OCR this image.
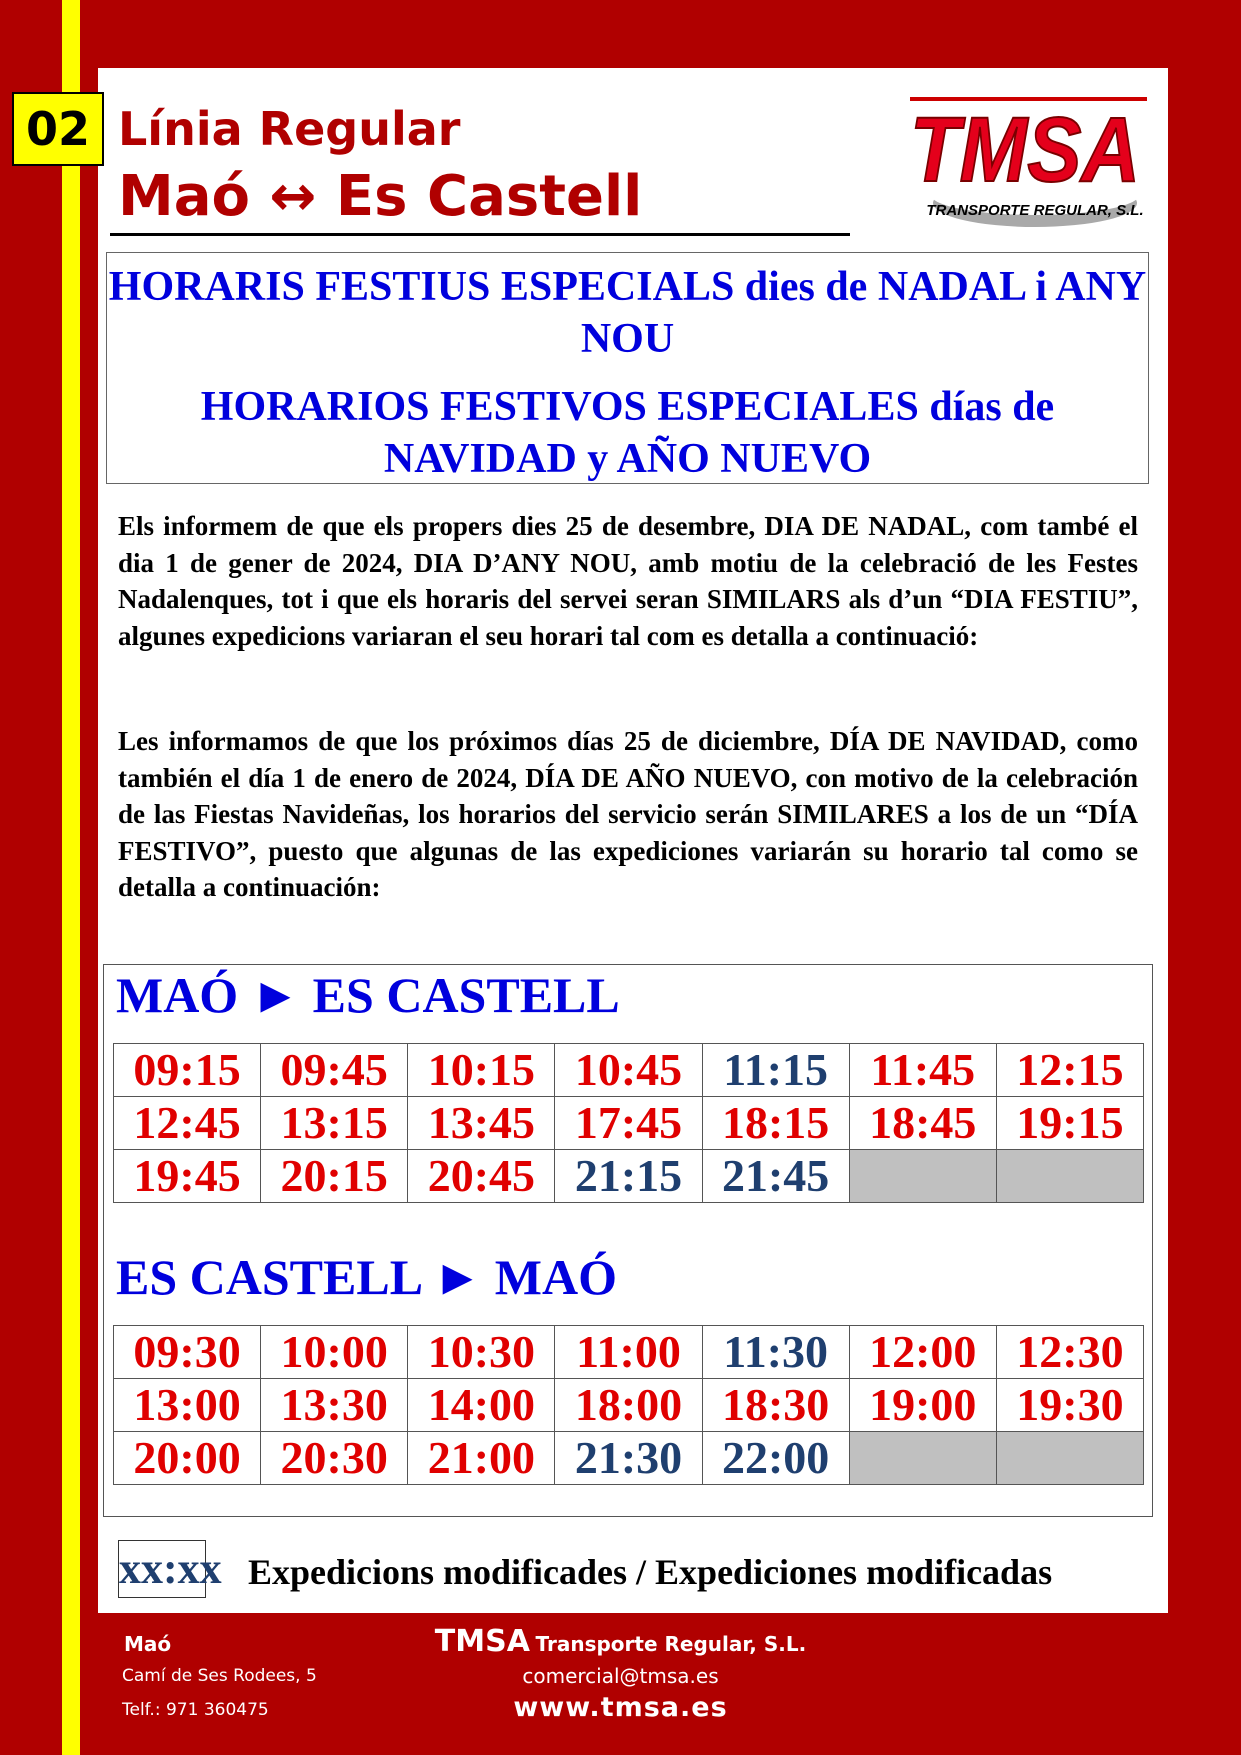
02 Línia Regular
Maó ↔ Es Castell	TMSA
TRANSPORTE REGULAR, S.L.
HORARIS FESTIUS ESPECIALS dies de NADAL i ANY NOU
HORARIOS FESTIVOS ESPECIALES días de NAVIDAD y AÑO NUEVO

Els informem de que els propers dies 25 de desembre, DIA DE NADAL, com també el dia 1 de gener de 2024, DIA D’ANY NOU, amb motiu de la celebració de les Festes Nadalenques, tot i que els horaris del servei seran SIMILARS als d’un “DIA FESTIU”, algunes expedicions variaran el seu horari tal com es detalla a continuació:

Les informamos de que los próximos días 25 de diciembre, DÍA DE NAVIDAD, como también el día 1 de enero de 2024, DÍA DE AÑO NUEVO, con motivo de la celebración de las Fiestas Navideñas, los horarios del servicio serán SIMILARES a los de un “DÍA FESTIVO”, puesto que algunas de las expediciones variarán su horario tal como se detalla a continuación:

MAÓ ► ES CASTELL
09:15	09:45	10:15	10:45	11:15	11:45	12:15
12:45	13:15	13:45	17:45	18:15	18:45	19:15
19:45	20:15	20:45	21:15	21:45		
ES CASTELL ► MAÓ
09:30	10:00	10:30	11:00	11:30	12:00	12:30
13:00	13:30	14:00	18:00	18:30	19:00	19:30
20:00	20:30	21:00	21:30	22:00		
xx:xx Expedicions modificades / Expediciones modificadas
Maó
Camí de Ses Rodees, 5
Telf.: 971 360475
TMSA Transporte Regular, S.L.
comercial@tmsa.es
www.tmsa.es
